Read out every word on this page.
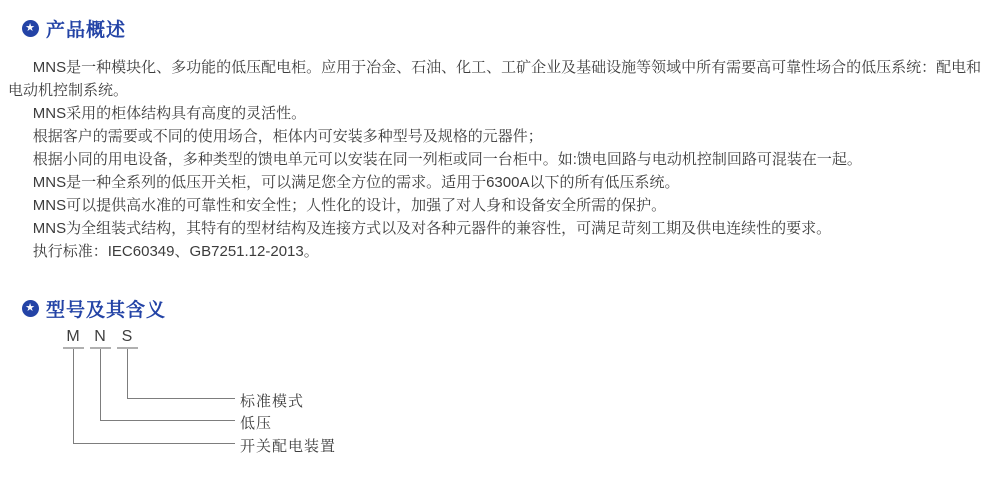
★ 产品概述

MNS是一种模块化、多功能的低压配电柜。应用于冶金、石油、化工、工矿企业及基础设施等领域中所有需要高可靠性场合的低压系统：配电和电动机控制系统。

MNS采用的柜体结构具有高度的灵活性。

根据客户的需要或不同的使用场合，柜体内可安装多种型号及规格的元器件；

根据小同的用电设备，多种类型的馈电单元可以安装在同一列柜或同一台柜中。如:馈电回路与电动机控制回路可混装在一起。

MNS是一种全系列的低压开关柜，可以满足您全方位的需求。适用于6300A以下的所有低压系统。

MNS可以提供高水准的可靠性和安全性；人性化的设计，加强了对人身和设备安全所需的保护。

MNS为全组装式结构，其特有的型材结构及连接方式以及对各种元器件的兼容性，可满足苛刻工期及供电连续性的要求。

执行标准：IEC60349、GB7251.12-2013。

★ 型号及其含义
M N S
标准模式
低压
开关配电装置
